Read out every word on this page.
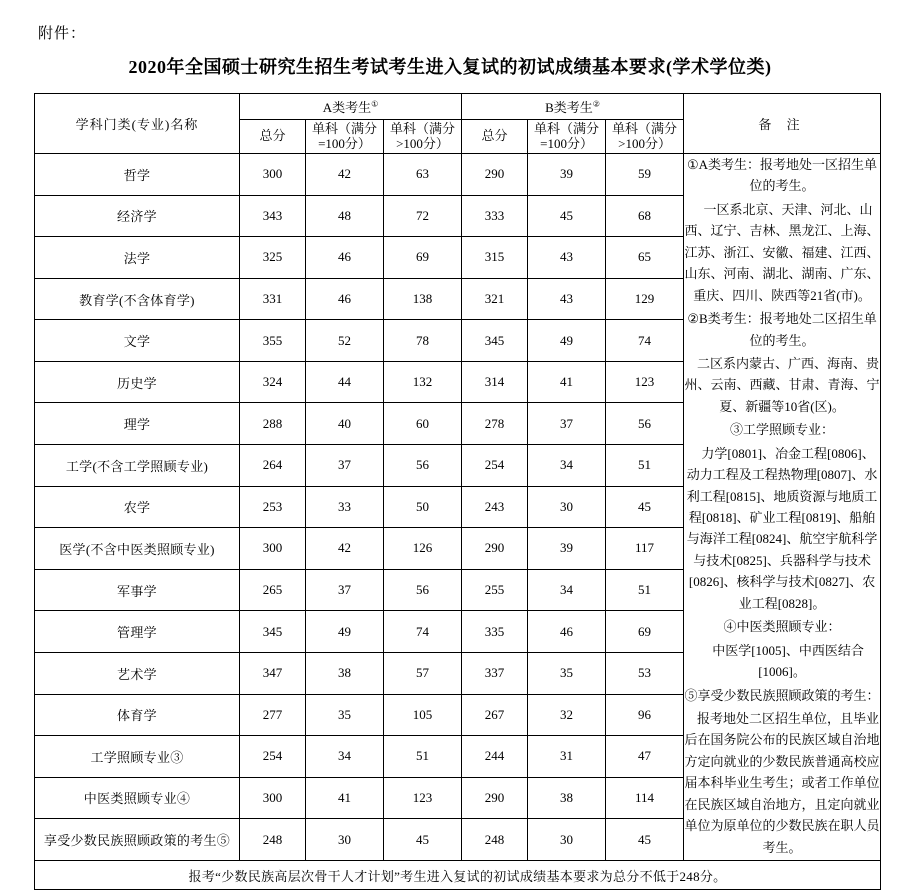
附件：
2020年全国硕士研究生招生考试考生进入复试的初试成绩基本要求(学术学位类)
学科门类(专业)名称	A类考生①			B类考生②			备 注
	总分	单科（满分=100分）	单科（满分>100分）	总分	单科（满分=100分）	单科（满分>100分）	
哲学	300	42	63	290	39	59	

①A类考生：报考地处一区招生单位的考生。

一区系北京、天津、河北、山西、辽宁、吉林、黑龙江、上海、江苏、浙江、安徽、福建、江西、山东、河南、湖北、湖南、广东、重庆、四川、陕西等21省(市)。

②B类考生：报考地处二区招生单位的考生。

二区系内蒙古、广西、海南、贵州、云南、西藏、甘肃、青海、宁夏、新疆等10省(区)。

③工学照顾专业：

力学[0801]、冶金工程[0806]、动力工程及工程热物理[0807]、水利工程[0815]、地质资源与地质工程[0818]、矿业工程[0819]、船舶与海洋工程[0824]、航空宇航科学与技术[0825]、兵器科学与技术[0826]、核科学与技术[0827]、农业工程[0828]。

④中医类照顾专业：

中医学[1005]、中西医结合[1006]。

⑤享受少数民族照顾政策的考生：

报考地处二区招生单位，且毕业后在国务院公布的民族区域自治地方定向就业的少数民族普通高校应届本科毕业生考生；或者工作单位在民族区域自治地方，且定向就业单位为原单位的少数民族在职人员考生。

经济学	343	48	72	333	45	68	
法学	325	46	69	315	43	65	
教育学(不含体育学)	331	46	138	321	43	129	
文学	355	52	78	345	49	74	
历史学	324	44	132	314	41	123	
理学	288	40	60	278	37	56	
工学(不含工学照顾专业)	264	37	56	254	34	51	
农学	253	33	50	243	30	45	
医学(不含中医类照顾专业)	300	42	126	290	39	117	
军事学	265	37	56	255	34	51	
管理学	345	49	74	335	46	69	
艺术学	347	38	57	337	35	53	
体育学	277	35	105	267	32	96	
工学照顾专业③	254	34	51	244	31	47	
中医类照顾专业④	300	41	123	290	38	114	
享受少数民族照顾政策的考生⑤	248	30	45	248	30	45	
报考“少数民族高层次骨干人才计划”考生进入复试的初试成绩基本要求为总分不低于248分。							
